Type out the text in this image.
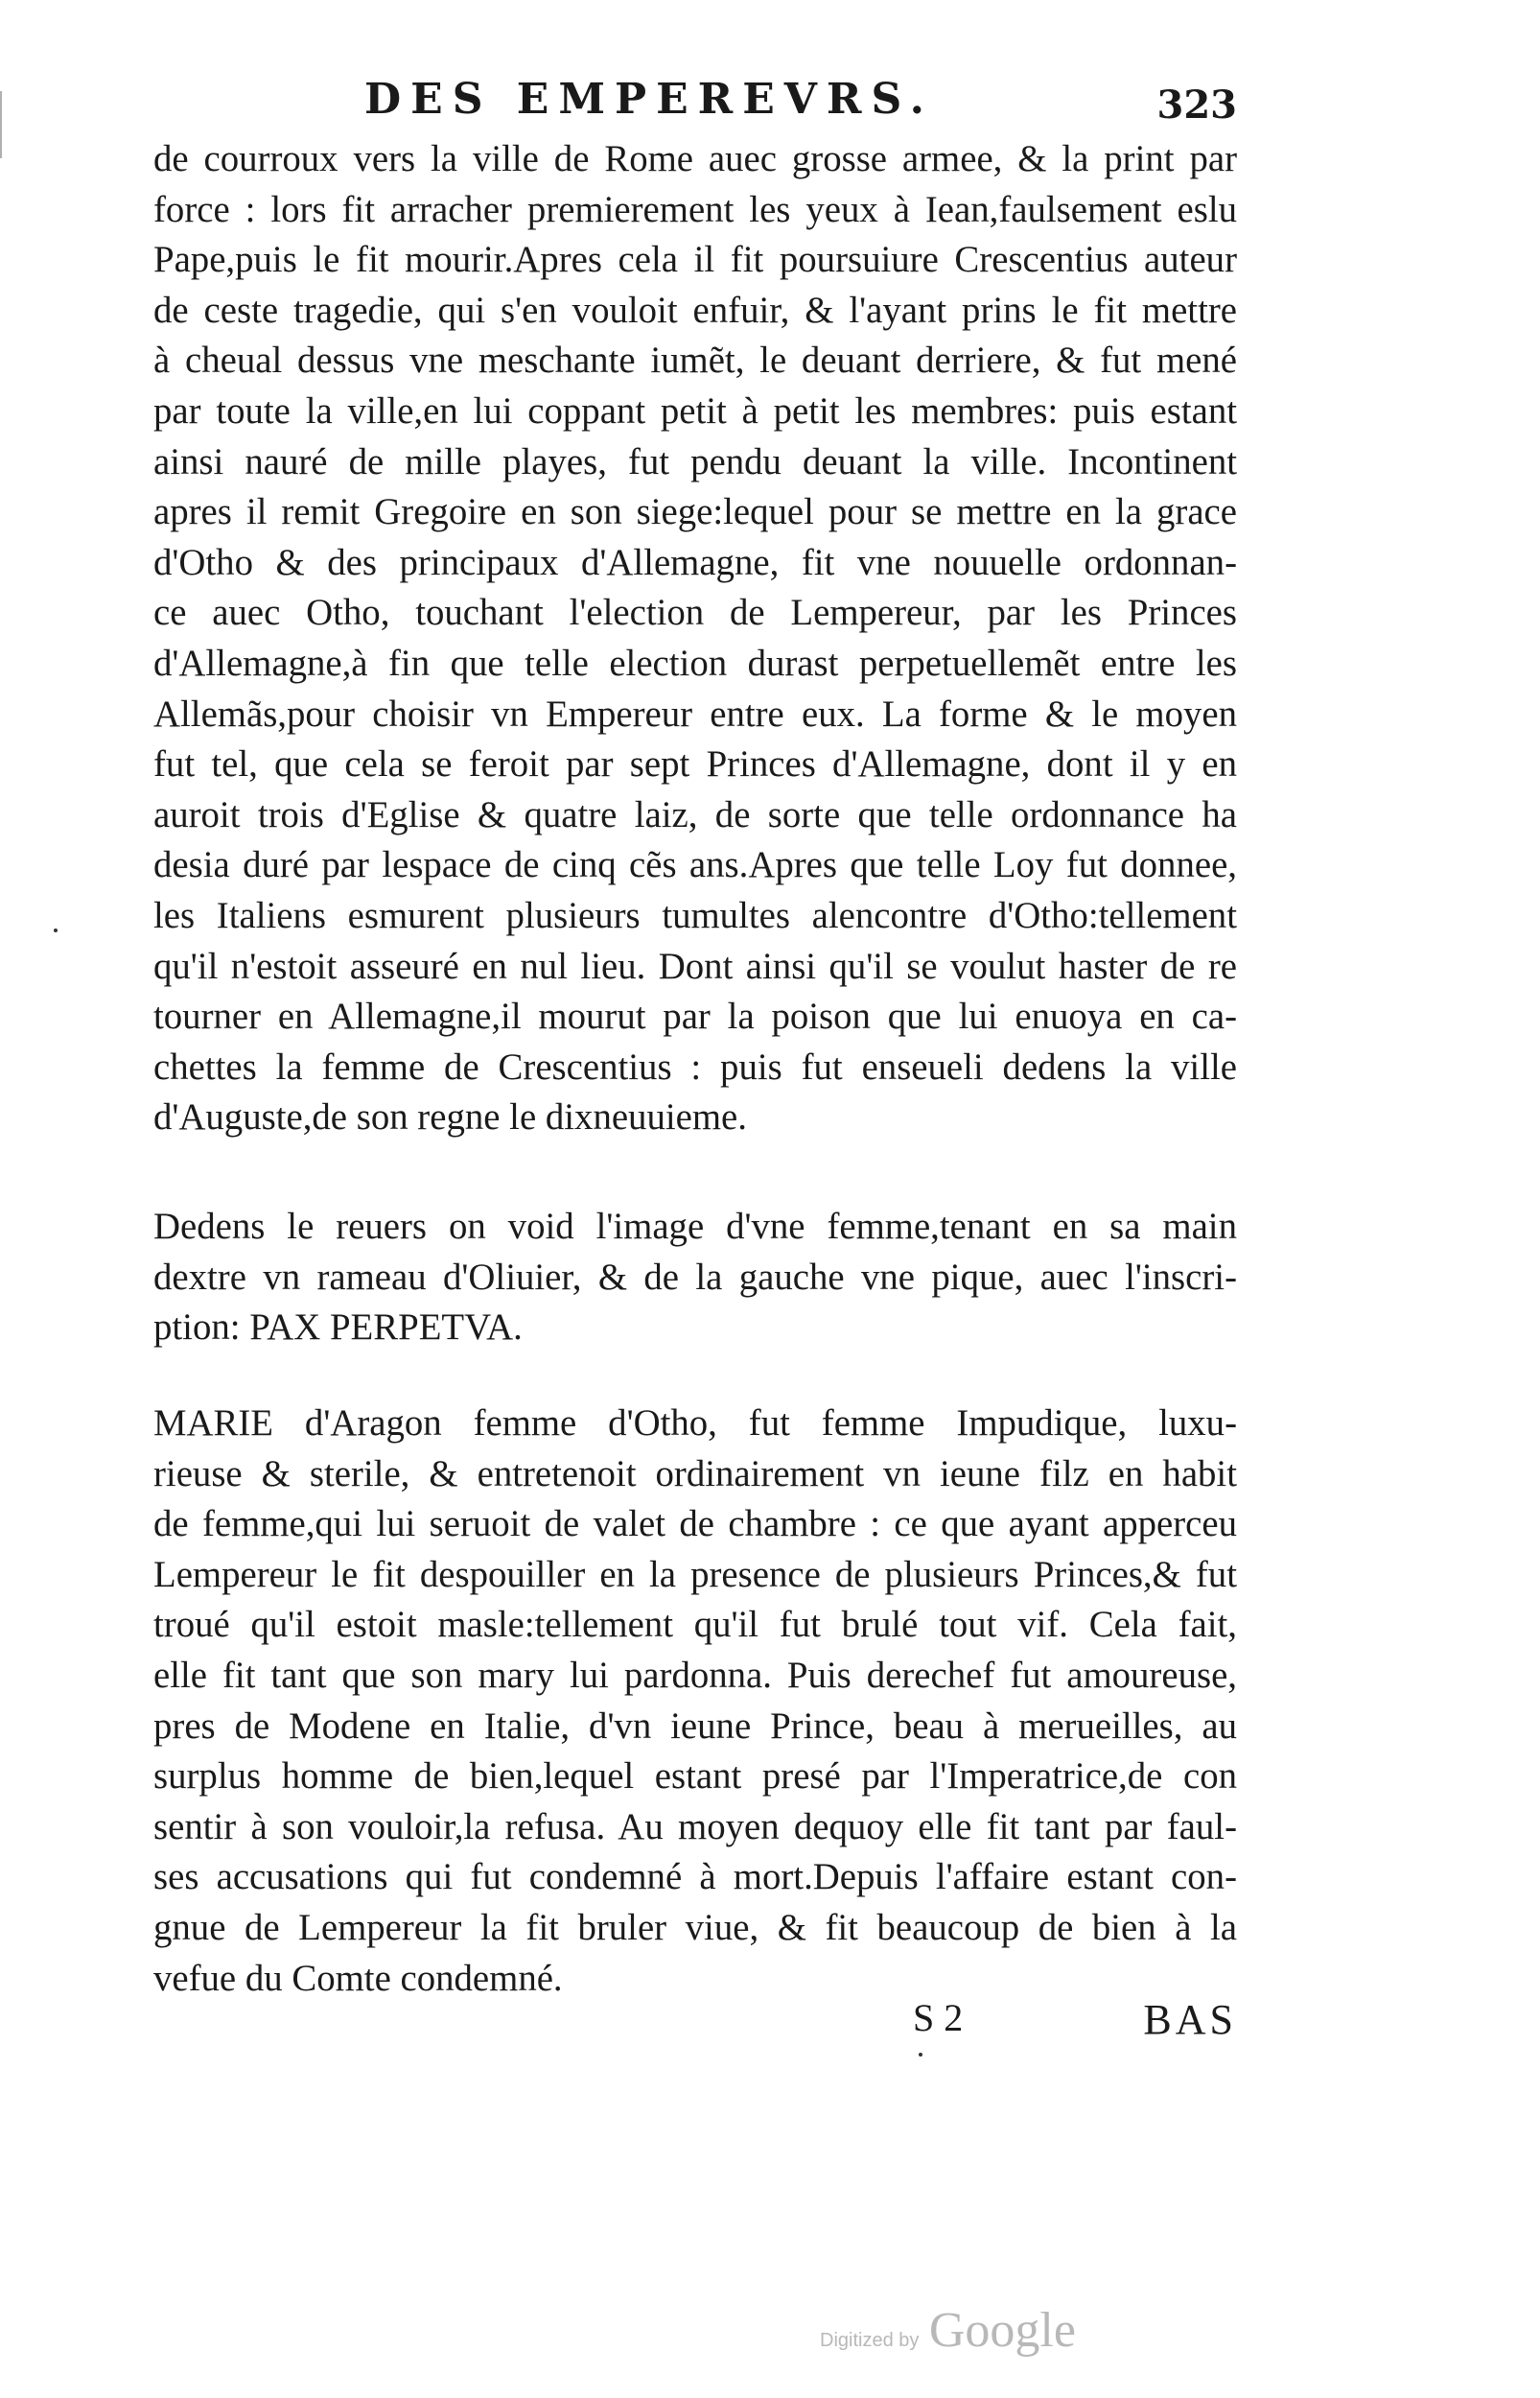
DES EMPEREVRS.	323
de courroux vers la ville de Rome auec grosse armee, & la print par
force : lors fit arracher premierement les yeux à Iean,faulsement eslu
Pape,puis le fit mourir.Apres cela il fit poursuiure Crescentius auteur
de ceste tragedie, qui s'en vouloit enfuir, & l'ayant prins le fit mettre
à cheual dessus vne meschante iumẽt, le deuant derriere, & fut mené
par toute la ville,en lui coppant petit à petit les membres: puis estant
ainsi nauré de mille playes, fut pendu deuant la ville. Incontinent
apres il remit Gregoire en son siege:lequel pour se mettre en la grace
d'Otho & des principaux d'Allemagne, fit vne nouuelle ordonnan-
ce auec Otho, touchant l'election de Lempereur, par les Princes
d'Allemagne,à fin que telle election durast perpetuellemẽt entre les
Allemãs,pour choisir vn Empereur entre eux. La forme & le moyen
fut tel, que cela se feroit par sept Princes d'Allemagne, dont il y en
auroit trois d'Eglise & quatre laiz, de sorte que telle ordonnance ha
desia duré par lespace de cinq cẽs ans.Apres que telle Loy fut donnee,
les Italiens esmurent plusieurs tumultes alencontre d'Otho:tellement
qu'il n'estoit asseuré en nul lieu. Dont ainsi qu'il se voulut haster de re
tourner en Allemagne,il mourut par la poison que lui enuoya en ca-
chettes la femme de Crescentius : puis fut enseueli dedens la ville
d'Auguste,de son regne le dixneuuieme.
Dedens le reuers on void l'image d'vne femme,tenant en sa main
dextre vn rameau d'Oliuier, & de la gauche vne pique, auec l'inscri-
ption: PAX PERPETVA.
MARIE d'Aragon femme d'Otho, fut femme Impudique, luxu-
rieuse & sterile, & entretenoit ordinairement vn ieune filz en habit
de femme,qui lui seruoit de valet de chambre : ce que ayant apperceu
Lempereur le fit despouiller en la presence de plusieurs Princes,& fut
troué qu'il estoit masle:tellement qu'il fut brulé tout vif. Cela fait,
elle fit tant que son mary lui pardonna. Puis derechef fut amoureuse,
pres de Modene en Italie, d'vn ieune Prince, beau à merueilles, au
surplus homme de bien,lequel estant presé par l'Imperatrice,de con
sentir à son vouloir,la refusa. Au moyen dequoy elle fit tant par faul-
ses accusations qui fut condemné à mort.Depuis l'affaire estant con-
gnue de Lempereur la fit bruler viue, & fit beaucoup de bien à la
vefue du Comte condemné.
S 2	BAS
Digitized by Google
